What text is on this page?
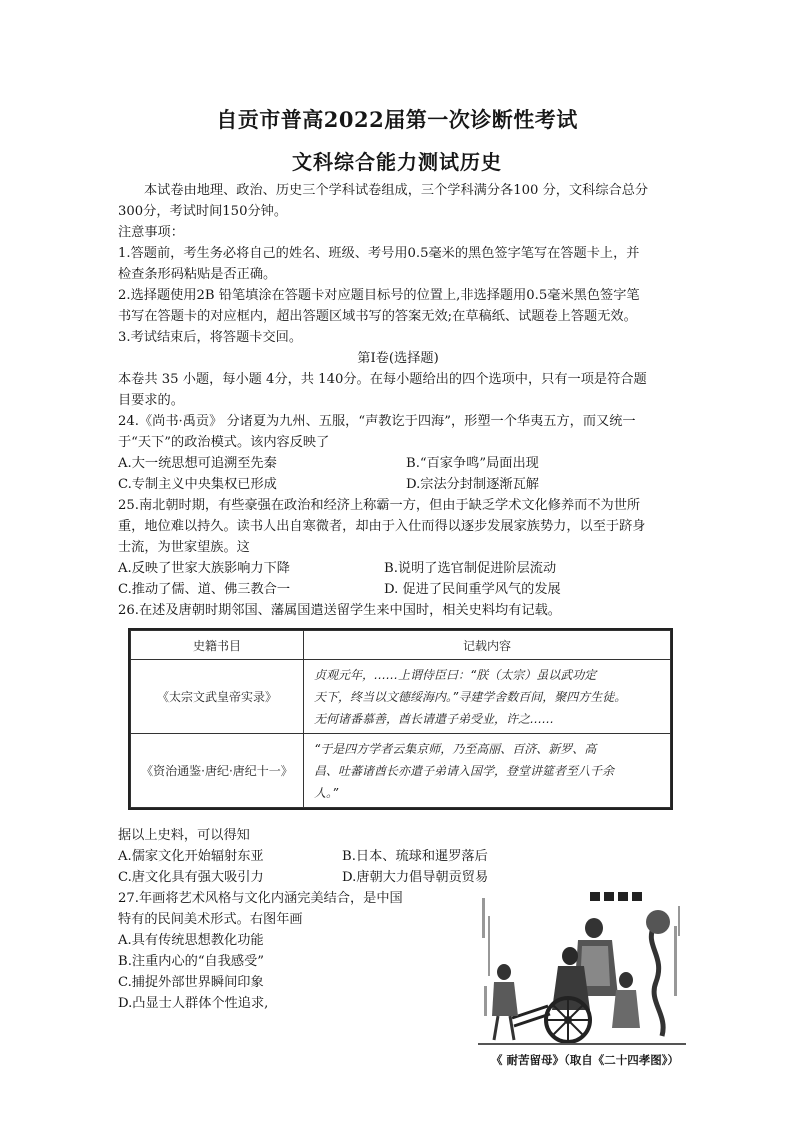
自贡市普高2022届第一次诊断性考试
文科综合能力测试历史
本试卷由地理、政治、历史三个学科试卷组成，三个学科满分各100 分，文科综合总分
300分，考试时间150分钟。
注意事项：
1.答题前，考生务必将自己的姓名、班级、考号用0.5毫米的黑色签字笔写在答题卡上，并
检查条形码粘贴是否正确。
2.选择题使用2B 铅笔填涂在答题卡对应题目标号的位置上,非选择题用0.5毫米黑色签字笔
书写在答题卡的对应框内，超出答题区域书写的答案无效;在草稿纸、试题卷上答题无效。
3.考试结束后，将答题卡交回。
第I卷(选择题)
本卷共 35 小题，每小题 4分，共 140分。在每小题给出的四个选项中，只有一项是符合题
目要求的。
24.《尚书·禹贡》 分诸夏为九州、五服，“声教讫于四海”，形塑一个华夷五方，而又统一
于“天下”的政治模式。该内容反映了
A.大一统思想可追溯至先秦	B.“百家争鸣”局面出现
C.专制主义中央集权已形成	D.宗法分封制逐渐瓦解
25.南北朝时期，有些豪强在政治和经济上称霸一方，但由于缺乏学术文化修养而不为世所
重，地位难以持久。读书人出自寒微者，却由于入仕而得以逐步发展家族势力，以至于跻身
士流，为世家望族。这
A.反映了世家大族影响力下降	B.说明了选官制促进阶层流动
C.推动了儒、道、佛三教合一	D. 促进了民间重学风气的发展
26.在述及唐朝时期邻国、藩属国遣送留学生来中国时，相关史料均有记载。
史籍书目	记载内容
《太宗文武皇帝实录》	贞观元年，……上谓侍臣曰：“朕（太宗）虽以武功定
天下，终当以文德绥海内。”寻建学舍数百间，聚四方生徒。
无何诸番慕善，酋长请遣子弟受业，许之……

《资治通鉴·唐纪·唐纪十一》	“于是四方学者云集京师，乃至高丽、百济、新罗、高
昌、吐蕃诸酋长亦遣子弟请入国学，登堂讲筵者至八千余
人。”
据以上史料，可以得知
A.儒家文化开始辐射东亚	B.日本、琉球和暹罗落后
C.唐文化具有强大吸引力	D.唐朝大力倡导朝贡贸易
27.年画将艺术风格与文化内涵完美结合，是中国
特有的民间美术形式。右图年画
A.具有传统思想教化功能
B.注重内心的“自我感受”
C.捕捉外部世界瞬间印象
D.凸显士人群体个性追求,
《 耐苦留母》（取自《二十四孝图》）
